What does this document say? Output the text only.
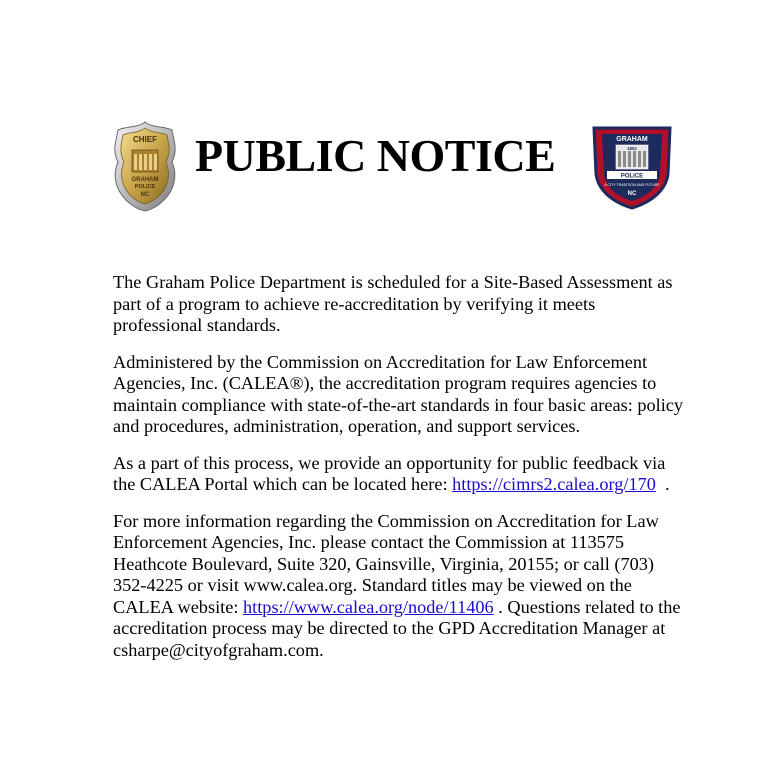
CHIEF
GRAHAM
POLICE
NC
PUBLIC NOTICE	GRAHAM
1851
POLICE
A CITY TRADITION AND FUTURE
NC

The Graham Police Department is scheduled for a Site-Based Assessment as part of a program to achieve re-accreditation by verifying it meets professional standards.

Administered by the Commission on Accreditation for Law Enforcement Agencies, Inc. (CALEA®), the accreditation program requires agencies to maintain compliance with state-of-the-art standards in four basic areas: policy and procedures, administration, operation, and support services.

As a part of this process, we provide an opportunity for public feedback via the CALEA Portal which can be located here: https://cimrs2.calea.org/170  .

For more information regarding the Commission on Accreditation for Law Enforcement Agencies, Inc. please contact the Commission at 113575 Heathcote Boulevard, Suite 320, Gainsville, Virginia, 20155; or call (703) 352-4225 or visit www.calea.org. Standard titles may be viewed on the CALEA website: https://www.calea.org/node/11406 . Questions related to the accreditation process may be directed to the GPD Accreditation Manager at csharpe@cityofgraham.com.
